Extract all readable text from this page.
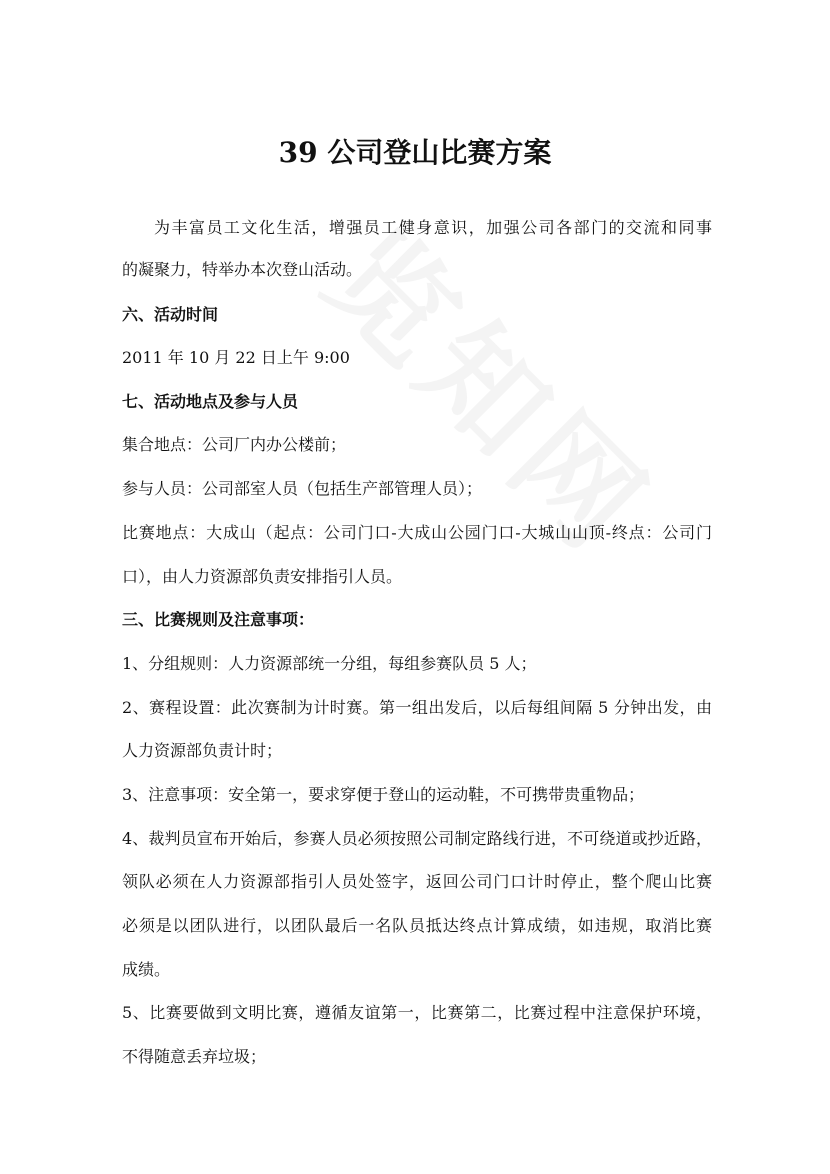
39 公司登山比赛方案
为丰富员工文化生活，增强员工健身意识，加强公司各部门的交流和同事
的凝聚力，特举办本次登山活动。
六、活动时间
2011 年 10 月 22 日上午 9:00
七、活动地点及参与人员
集合地点：公司厂内办公楼前；
参与人员：公司部室人员（包括生产部管理人员）；
比赛地点：大成山（起点：公司门口-大成山公园门口-大城山山顶-终点：公司门
口），由人力资源部负责安排指引人员。
三、比赛规则及注意事项：
1、分组规则：人力资源部统一分组，每组参赛队员 5 人；
2、赛程设置：此次赛制为计时赛。第一组出发后，以后每组间隔 5 分钟出发，由
人力资源部负责计时；
3、注意事项：安全第一，要求穿便于登山的运动鞋，不可携带贵重物品；
4、裁判员宣布开始后，参赛人员必须按照公司制定路线行进，不可绕道或抄近路，
领队必须在人力资源部指引人员处签字，返回公司门口计时停止，整个爬山比赛
必须是以团队进行，以团队最后一名队员抵达终点计算成绩，如违规，取消比赛
成绩。
5、比赛要做到文明比赛，遵循友谊第一，比赛第二，比赛过程中注意保护环境，
不得随意丢弃垃圾；
